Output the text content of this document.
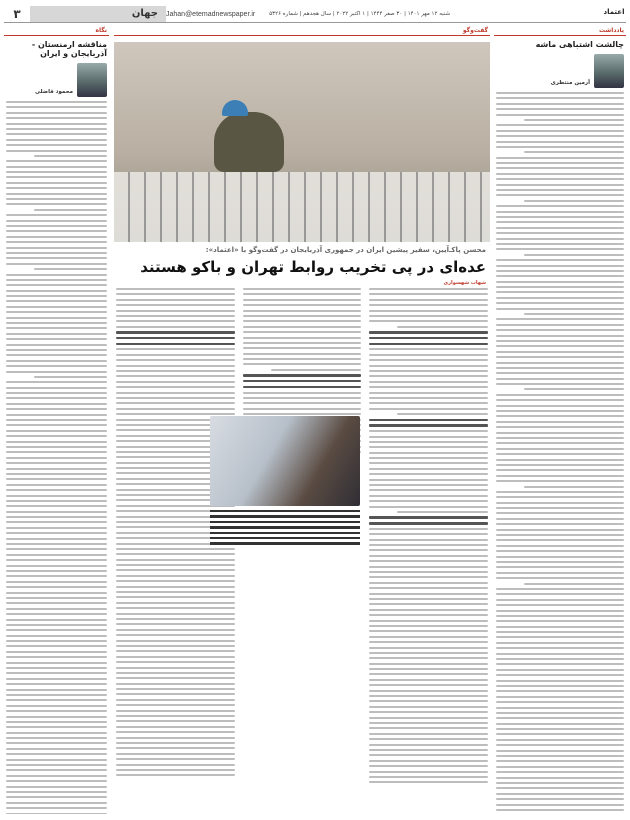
اعتماد
شنبه ۱۲ مهر ۱۴۰۱ | ۳۰ صفر ۱۴۴۴ | ۱ اکتبر ۲۰۲۲ | سال هجدهم | شماره ۵۳۲۶
Jahan@etemadnewspaper.ir
جهان
۳
یادداشت
چالشت اشتباهی ماشه
آرمین منتظری
گفت‌وگو
محسن پاکـ‌آیین، سفیر پیشین ایران در جمهوری آذربایجان در گفت‌وگو با «اعتماد»:
عده‌ای در پی تخریب روابط تهران و باکو هستند
شهاب شهسواری
نگاه
مناقشه ارمنستان - آذربایجان و ایران
محمود فاضلی
